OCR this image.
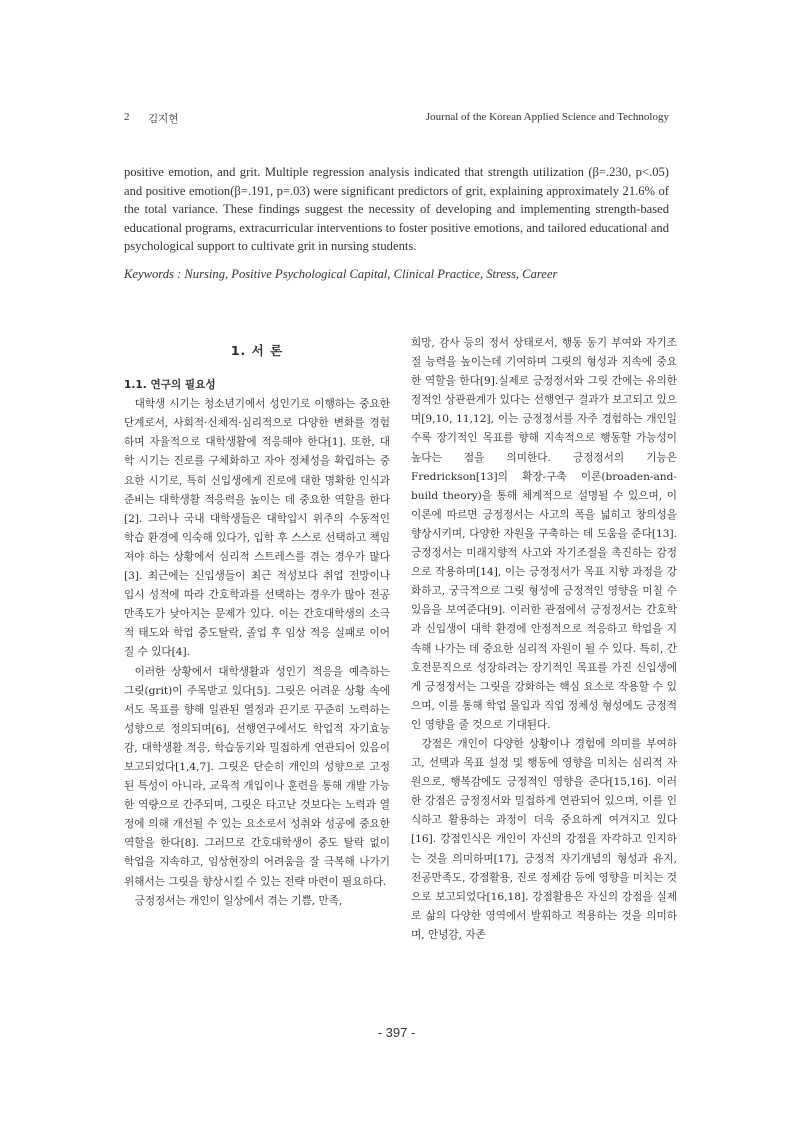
2 김지현	Journal of the Korean Applied Science and Technology

positive emotion, and grit. Multiple regression analysis indicated that strength utilization (β=.230, p<.05) and positive emotion(β=.191, p=.03) were significant predictors of grit, explaining approximately 21.6% of the total variance. These findings suggest the necessity of developing and implementing strength-based educational programs, extracurricular interventions to foster positive emotions, and tailored educational and psychological support to cultivate grit in nursing students.

Keywords : Nursing, Positive Psychological Capital, Clinical Practice, Stress, Career

1. 서 론
1.1. 연구의 필요성

대학생 시기는 청소년기에서 성인기로 이행하는 중요한 단계로서, 사회적·신체적·심리적으로 다양한 변화를 경험하며 자율적으로 대학생활에 적응해야 한다[1]. 또한, 대학 시기는 진로를 구체화하고 자아 정체성을 확립하는 중요한 시기로, 특히 신입생에게 진로에 대한 명확한 인식과 준비는 대학생활 적응력을 높이는 데 중요한 역할을 한다[2]. 그러나 국내 대학생들은 대학입시 위주의 수동적인 학습 환경에 익숙해 있다가, 입학 후 스스로 선택하고 책임져야 하는 상황에서 심리적 스트레스를 겪는 경우가 많다[3]. 최근에는 신입생들이 최근 적성보다 취업 전망이나 입시 성적에 따라 간호학과를 선택하는 경우가 많아 전공만족도가 낮아지는 문제가 있다. 이는 간호대학생의 소극적 태도와 학업 중도탈락, 졸업 후 임상 적응 실패로 이어질 수 있다[4].

이러한 상황에서 대학생활과 성인기 적응을 예측하는 그릿(grit)이 주목받고 있다[5]. 그릿은 어려운 상황 속에서도 목표를 향해 일관된 열정과 끈기로 꾸준히 노력하는 성향으로 정의되며[6], 선행연구에서도 학업적 자기효능감, 대학생활 적응, 학습동기와 밀접하게 연관되어 있음이 보고되었다[1,4,7]. 그릿은 단순히 개인의 성향으로 고정된 특성이 아니라, 교육적 개입이나 훈련을 통해 개발 가능한 역량으로 간주되며, 그릿은 타고난 것보다는 노력과 열정에 의해 개선될 수 있는 요소로서 성취와 성공에 중요한 역할을 한다[8]. 그러므로 간호대학생이 중도 탈락 없이 학업을 지속하고, 임상현장의 어려움을 잘 극복해 나가기 위해서는 그릿을 향상시킬 수 있는 전략 마련이 필요하다.

긍정정서는 개인이 일상에서 겪는 기쁨, 만족,

희망, 감사 등의 정서 상태로서, 행동 동기 부여와 자기조절 능력을 높이는데 기여하며 그릿의 형성과 지속에 중요한 역할을 한다[9].실제로 긍정정서와 그릿 간에는 유의한 정적인 상관관계가 있다는 선행연구 결과가 보고되고 있으며[9,10, 11,12], 이는 긍정정서를 자주 경험하는 개인일수록 장기적인 목표를 향해 지속적으로 행동할 가능성이 높다는 점을 의미한다. 긍정정서의 기능은 Fredrickson[13]의 확장-구축 이론(broaden-and-build theory)을 통해 체계적으로 설명될 수 있으며, 이 이론에 따르면 긍정정서는 사고의 폭을 넓히고 창의성을 향상시키며, 다양한 자원을 구축하는 데 도움을 준다[13]. 긍정정서는 미래지향적 사고와 자기조절을 촉진하는 감정으로 작용하며[14], 이는 긍정정서가 목표 지향 과정을 강화하고, 궁극적으로 그릿 형성에 긍정적인 영향을 미칠 수 있음을 보여준다[9]. 이러한 관점에서 긍정정서는 간호학과 신입생이 대학 환경에 안정적으로 적응하고 학업을 지속해 나가는 데 중요한 심리적 자원이 될 수 있다. 특히, 간호전문직으로 성장하려는 장기적인 목표를 가진 신입생에게 긍정정서는 그릿을 강화하는 핵심 요소로 작용할 수 있으며, 이를 통해 학업 몰입과 직업 정체성 형성에도 긍정적인 영향을 줄 것으로 기대된다.

강점은 개인이 다양한 상황이나 경험에 의미를 부여하고, 선택과 목표 설정 및 행동에 영향을 미치는 심리적 자원으로, 행복감에도 긍정적인 영향을 준다[15,16]. 이러한 강점은 긍정정서와 밀접하게 연관되어 있으며, 이를 인식하고 활용하는 과정이 더욱 중요하게 여겨지고 있다[16]. 강점인식은 개인이 자신의 강점을 자각하고 인지하는 것을 의미하며[17], 긍정적 자기개념의 형성과 유지, 전공만족도, 강점활용, 진로 정체감 등에 영향을 미치는 것으로 보고되었다[16,18]. 강점활용은 자신의 강점을 실제로 삶의 다양한 영역에서 발휘하고 적용하는 것을 의미하며, 안녕감, 자존

- 397 -
